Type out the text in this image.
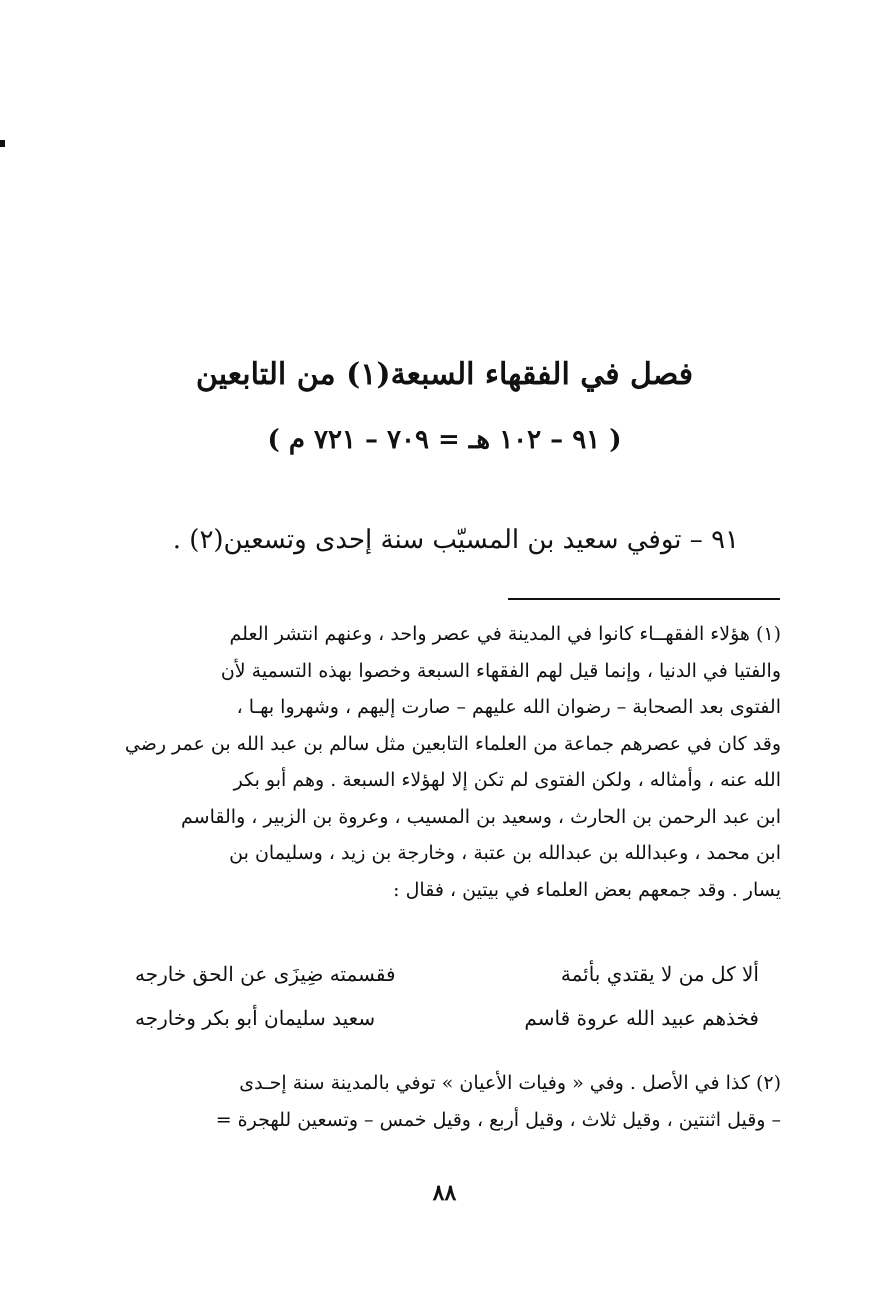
فصل في الفقهاء السبعة(١) من التابعين
( ٩١ – ١٠٢ هـ = ٧٠٩ – ٧٢١ م )
٩١ – توفي سعيد بن المسيّب سنة إحدى وتسعين(٢) .
(١) هؤلاء الفقهــاء كانوا في المدينة في عصر واحد ، وعنهم انتشر العلم
والفتيا في الدنيا ، وإنما قيل لهم الفقهاء السبعة وخصوا بهذه التسمية لأن
الفتوى بعد الصحابة – رضوان الله عليهم – صارت إليهم ، وشهروا بهـا ،
وقد كان في عصرهم جماعة من العلماء التابعين مثل سالم بن عبد الله بن عمر رضي
الله عنه ، وأمثاله ، ولكن الفتوى لم تكن إلا لهؤلاء السبعة . وهم أبو بكر
ابن عبد الرحمن بن الحارث ، وسعيد بن المسيب ، وعروة بن الزبير ، والقاسم
ابن محمد ، وعبدالله بن عبدالله بن عتبة ، وخارجة بن زيد ، وسليمان بن
يسار . وقد جمعهم بعض العلماء في بيتين ، فقال :
ألا كل من لا يقتدي بأئمة
فقسمته ضِيزَى عن الحق خارجه
فخذهم عبيد الله عروة قاسم
سعيد سليمان أبو بكر وخارجه
(٢) كذا في الأصل . وفي « وفيات الأعيان » توفي بالمدينة سنة إحـدى
– وقيل اثنتين ، وقيل ثلاث ، وقيل أربع ، وقيل خمس – وتسعين للهجرة =
٨٨
